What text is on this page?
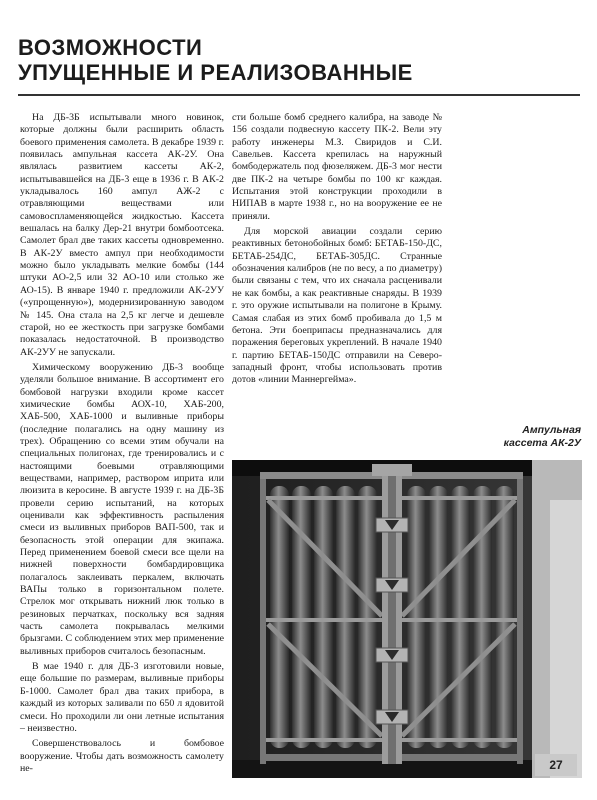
ВОЗМОЖНОСТИ
УПУЩЕННЫЕ И РЕАЛИЗОВАННЫЕ

На ДБ-3Б испытывали много новинок, которые должны были расширить область боевого применения самолета. В декабре 1939 г. появилась ампульная кассета АК-2У. Она являлась развитием кассеты АК-2, испытывавшейся на ДБ-3 еще в 1936 г. В АК-2 укладывалось 160 ампул АЖ-2 с отравляющими веществами или самовоспламеняющейся жидкостью. Кассета вешалась на балку Дер-21 внутри бомбоотсека. Самолет брал две таких кассеты одновременно. В АК-2У вместо ампул при необходимости можно было укладывать мелкие бомбы (144 штуки АО-2,5 или 32 АО-10 или столько же АО-15). В январе 1940 г. предложили АК-2УУ («упрощенную»), модернизированную заводом № 145. Она стала на 2,5 кг легче и дешевле старой, но ее жесткость при загрузке бомбами показалась недостаточной. В производство АК-2УУ не запускали.

Химическому вооружению ДБ-3 вообще уделяли большое внимание. В ассортимент его бомбовой нагрузки входили кроме кассет химические бомбы АОХ-10, ХАБ-200, ХАБ-500, ХАБ-1000 и выливные приборы (последние полагались на одну машину из трех). Обращению со всеми этим обучали на специальных полигонах, где тренировались и с настоящими боевыми отравляющими веществами, например, раствором иприта или люизита в керосине. В августе 1939 г. на ДБ-3Б провели серию испытаний, на которых оценивали как эффективность распыления смеси из выливных приборов ВАП-500, так и безопасность этой операции для экипажа. Перед применением боевой смеси все щели на нижней поверхности бомбардировщика полагалось заклеивать перкалем, включать ВАПы только в горизонтальном полете. Стрелок мог открывать нижний люк только в резиновых перчатках, поскольку вся задняя часть самолета покрывалась мелкими брызгами. С соблюдением этих мер применение выливных приборов считалось безопасным.

В мае 1940 г. для ДБ-3 изготовили новые, еще большие по размерам, выливные приборы Б-1000. Самолет брал два таких прибора, в каждый из которых заливали по 650 л ядовитой смеси. Но проходили ли они летные испытания – неизвестно.

Совершенствовалось и бомбовое вооружение. Чтобы дать возможность самолету не-

сти больше бомб среднего калибра, на заводе № 156 создали подвесную кассету ПК-2. Вели эту работу инженеры М.З. Свиридов и С.И. Савельев. Кассета крепилась на наружный бомбодержатель под фюзеляжем. ДБ-3 мог нести две ПК-2 на четыре бомбы по 100 кг каждая. Испытания этой конструкции проходили в НИПАВ в марте 1938 г., но на вооружение ее не приняли.

Для морской авиации создали серию реактивных бетонобойных бомб: БЕТАБ-150-ДС, БЕТАБ-254ДС, БЕТАБ-305ДС. Странные обозначения калибров (не по весу, а по диаметру) были связаны с тем, что их сначала расценивали не как бомбы, а как реактивные снаряды. В 1939 г. это оружие испытывали на полигоне в Крыму. Самая слабая из этих бомб пробивала до 1,5 м бетона. Эти боеприпасы предназначались для поражения береговых укреплений. В начале 1940 г. партию БЕТАБ-150ДС отправили на Северо-западный фронт, чтобы использовать против дотов «линии Маннергейма».

Ампульная
кассета АК-2У
27
